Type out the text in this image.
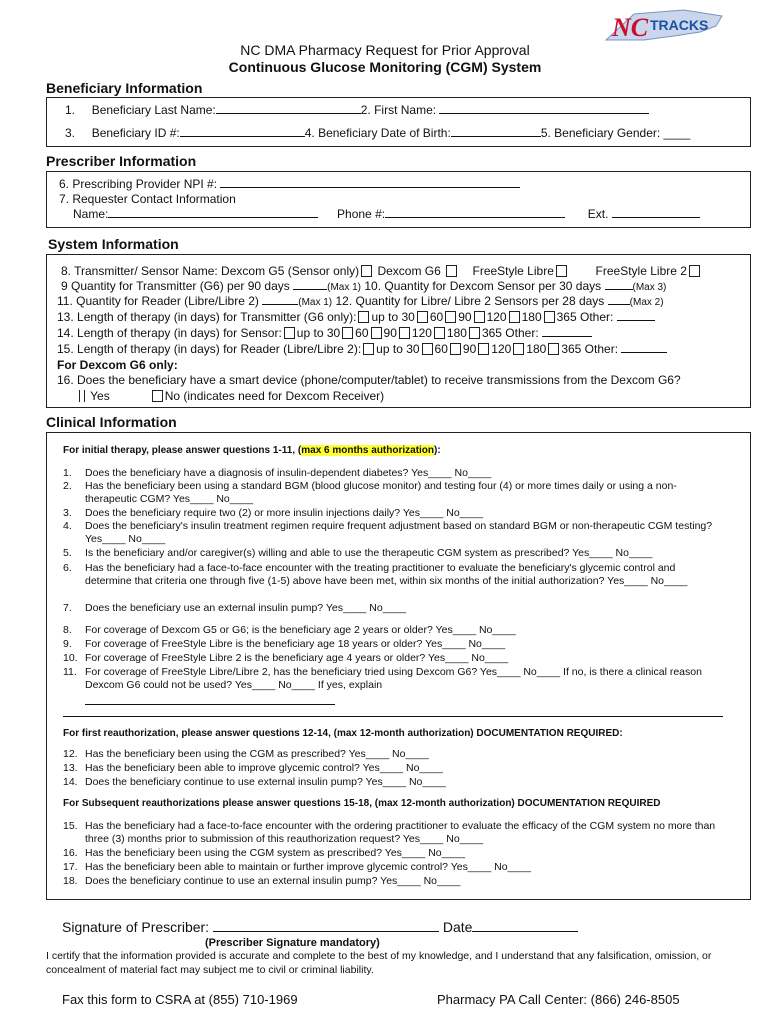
NC TRACKS
NC DMA Pharmacy Request for Prior Approval
Continuous Glucose Monitoring (CGM) System
Beneficiary Information
1. Beneficiary Last Name:	2. First Name:
3. Beneficiary ID #:	4. Beneficiary Date of Birth:	5. Beneficiary Gender: ____
Prescriber Information
6. Prescribing Provider NPI #:
7. Requester Contact Information
Name:	Phone #:	Ext.
System Information
8. Transmitter/ Sensor Name: Dexcom G5 (Sensor only) Dexcom G6	FreeStyle Libre	FreeStyle Libre 2
9 Quantity for Transmitter (G6) per 90 days	(Max 1) 10. Quantity for Dexcom Sensor per 30 days	(Max 3)
11. Quantity for Reader (Libre/Libre 2)	(Max 1) 12. Quantity for Libre/ Libre 2 Sensors per 28 days	(Max 2)
13. Length of therapy (in days) for Transmitter (G6 only): up to 30 60 90 120 180 365 Other:
14. Length of therapy (in days) for Sensor: up to 30 60 90 120 180 365 Other:
15. Length of therapy (in days) for Reader (Libre/Libre 2): up to 30 60 90 120 180 365 Other:
For Dexcom G6 only:
16. Does the beneficiary have a smart device (phone/computer/tablet) to receive transmissions from the Dexcom G6?
Yes	No (indicates need for Dexcom Receiver)
Clinical Information
For initial therapy, please answer questions 1-11, (max 6 months authorization):
1. Does the beneficiary have a diagnosis of insulin-dependent diabetes? Yes____ No____
2. Has the beneficiary been using a standard BGM (blood glucose monitor) and testing four (4) or more times daily or using a non-therapeutic CGM? Yes____ No____
3. Does the beneficiary require two (2) or more insulin injections daily? Yes____ No____
4. Does the beneficiary's insulin treatment regimen require frequent adjustment based on standard BGM or non-therapeutic CGM testing? Yes____ No____
5. Is the beneficiary and/or caregiver(s) willing and able to use the therapeutic CGM system as prescribed? Yes____ No____
6. Has the beneficiary had a face-to-face encounter with the treating practitioner to evaluate the beneficiary's glycemic control and determine that criteria one through five (1-5) above have been met, within six months of the initial authorization? Yes____ No____
7. Does the beneficiary use an external insulin pump? Yes____ No____
8. For coverage of Dexcom G5 or G6; is the beneficiary age 2 years or older? Yes____ No____
9. For coverage of FreeStyle Libre is the beneficiary age 18 years or older? Yes____ No____
10. For coverage of FreeStyle Libre 2 is the beneficiary age 4 years or older? Yes____ No____
11. For coverage of FreeStyle Libre/Libre 2, has the beneficiary tried using Dexcom G6? Yes____ No____ If no, is there a clinical reason Dexcom G6 could not be used? Yes____ No____ If yes, explain
For first reauthorization, please answer questions 12-14, (max 12-month authorization) DOCUMENTATION REQUIRED:
12. Has the beneficiary been using the CGM as prescribed? Yes____ No____
13. Has the beneficiary been able to improve glycemic control? Yes____ No____
14. Does the beneficiary continue to use external insulin pump? Yes____ No____
For Subsequent reauthorizations please answer questions 15-18, (max 12-month authorization) DOCUMENTATION REQUIRED
15. Has the beneficiary had a face-to-face encounter with the ordering practitioner to evaluate the efficacy of the CGM system no more than three (3) months prior to submission of this reauthorization request? Yes____ No____
16. Has the beneficiary been using the CGM system as prescribed? Yes____ No____
17. Has the beneficiary been able to maintain or further improve glycemic control? Yes____ No____
18. Does the beneficiary continue to use an external insulin pump? Yes____ No____
Signature of Prescriber:	Date
(Prescriber Signature mandatory)
I certify that the information provided is accurate and complete to the best of my knowledge, and I understand that any falsification, omission, or concealment of material fact may subject me to civil or criminal liability.
Fax this form to CSRA at (855) 710-1969	Pharmacy PA Call Center: (866) 246-8505
